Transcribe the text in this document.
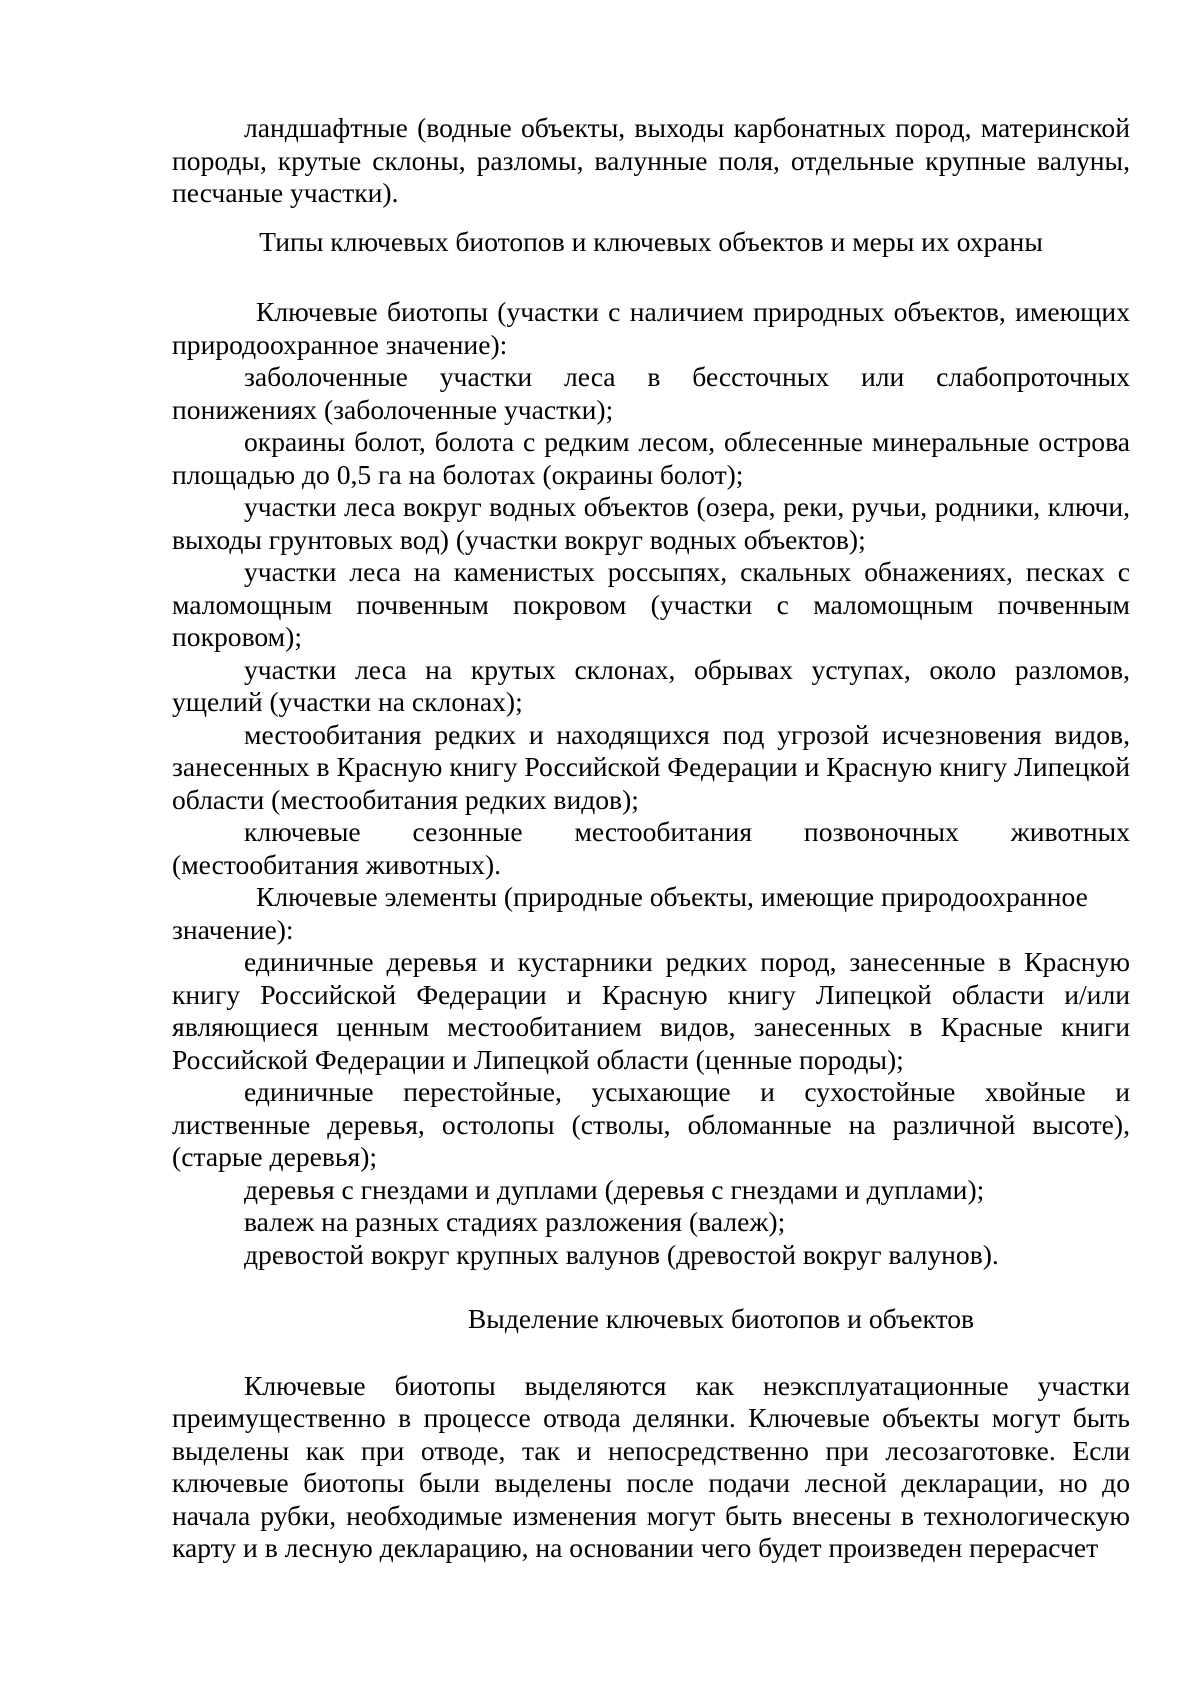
ландшафтные (водные объекты, выходы карбонатных пород, материнской породы, крутые склоны, разломы, валунные поля, отдельные крупные валуны, песчаные участки).

Типы ключевых биотопов и ключевых объектов и меры их охраны

Ключевые биотопы (участки с наличием природных объектов, имеющих природоохранное значение):

заболоченные участки леса в бессточных или слабопроточных понижениях (заболоченные участки);

окраины болот, болота с редким лесом, облесенные минеральные острова площадью до 0,5 га на болотах (окраины болот);

участки леса вокруг водных объектов (озера, реки, ручьи, родники, ключи, выходы грунтовых вод) (участки вокруг водных объектов);

участки леса на каменистых россыпях, скальных обнажениях, песках с маломощным почвенным покровом (участки с маломощным почвенным покровом);

участки леса на крутых склонах, обрывах уступах, около разломов, ущелий (участки на склонах);

местообитания редких и находящихся под угрозой исчезновения видов, занесенных в Красную книгу Российской Федерации и Красную книгу Липецкой области (местообитания редких видов);

ключевые сезонные местообитания позвоночных животных (местообитания животных).

Ключевые элементы (природные объекты, имеющие природоохранное значение):

единичные деревья и кустарники редких пород, занесенные в Красную книгу Российской Федерации и Красную книгу Липецкой области и/или являющиеся ценным местообитанием видов, занесенных в Красные книги Российской Федерации и Липецкой области (ценные породы);

единичные перестойные, усыхающие и сухостойные хвойные и лиственные деревья, остолопы (стволы, обломанные на различной высоте), (старые деревья);

деревья с гнездами и дуплами (деревья с гнездами и дуплами);

валеж на разных стадиях разложения (валеж);

древостой вокруг крупных валунов (древостой вокруг валунов).

Выделение ключевых биотопов и объектов

Ключевые биотопы выделяются как неэксплуатационные участки преимущественно в процессе отвода делянки. Ключевые объекты могут быть выделены как при отводе, так и непосредственно при лесозаготовке. Если ключевые биотопы были выделены после подачи лесной декларации, но до начала рубки, необходимые изменения могут быть внесены в технологическую карту и в лесную декларацию, на основании чего будет произведен перерасчет
